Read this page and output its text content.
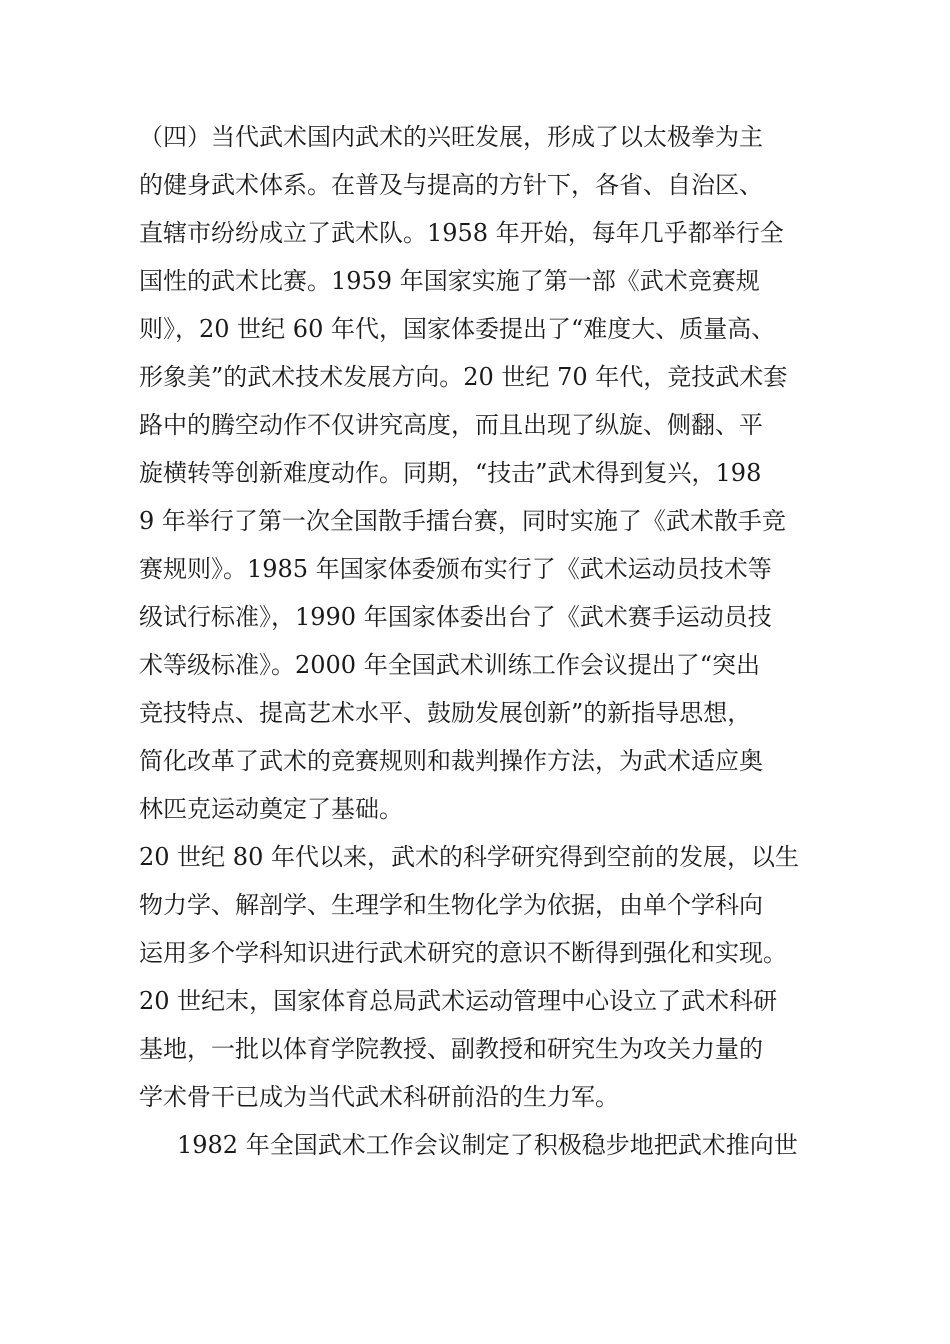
（四）当代武术国内武术的兴旺发展，形成了以太极拳为主
的健身武术体系。在普及与提高的方针下，各省、自治区、
直辖市纷纷成立了武术队。1958 年开始，每年几乎都举行全
国性的武术比赛。1959 年国家实施了第一部《武术竞赛规
则》，20 世纪 60 年代，国家体委提出了“难度大、质量高、
形象美”的武术技术发展方向。20 世纪 70 年代，竞技武术套
路中的腾空动作不仅讲究高度，而且出现了纵旋、侧翻、平
旋横转等创新难度动作。同期，“技击”武术得到复兴，198
9 年举行了第一次全国散手擂台赛，同时实施了《武术散手竞
赛规则》。1985 年国家体委颁布实行了《武术运动员技术等
级试行标准》，1990 年国家体委出台了《武术赛手运动员技
术等级标准》。2000 年全国武术训练工作会议提出了“突出
竞技特点、提高艺术水平、鼓励发展创新”的新指导思想，
简化改革了武术的竞赛规则和裁判操作方法，为武术适应奥
林匹克运动奠定了基础。
20 世纪 80 年代以来，武术的科学研究得到空前的发展，以生
物力学、解剖学、生理学和生物化学为依据，由单个学科向
运用多个学科知识进行武术研究的意识不断得到强化和实现。
20 世纪末，国家体育总局武术运动管理中心设立了武术科研
基地，一批以体育学院教授、副教授和研究生为攻关力量的
学术骨干已成为当代武术科研前沿的生力军。
1982 年全国武术工作会议制定了积极稳步地把武术推向世
